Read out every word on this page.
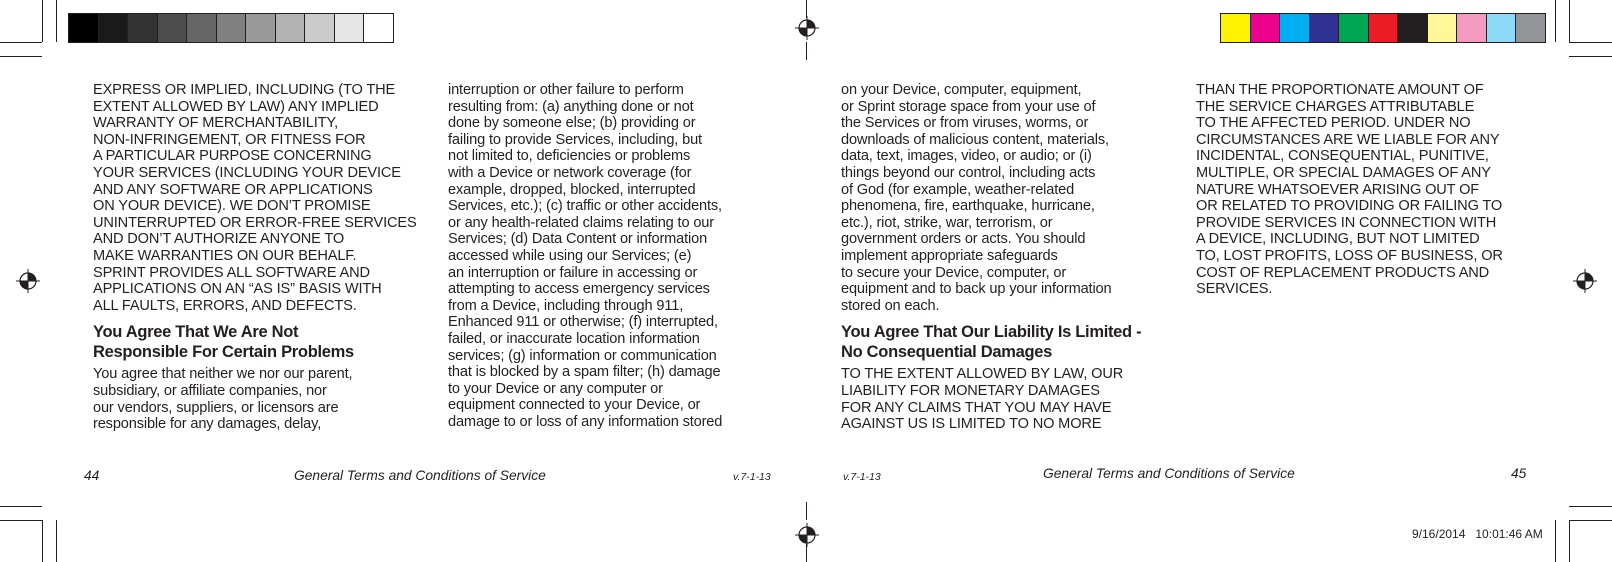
EXPRESS OR IMPLIED, INCLUDING (TO THE
EXTENT ALLOWED BY LAW) ANY IMPLIED
WARRANTY OF MERCHANTABILITY,
NON-INFRINGEMENT, OR FITNESS FOR
A PARTICULAR PURPOSE CONCERNING
YOUR SERVICES (INCLUDING YOUR DEVICE
AND ANY SOFTWARE OR APPLICATIONS
ON YOUR DEVICE). WE DON’T PROMISE
UNINTERRUPTED OR ERROR-FREE SERVICES
AND DON’T AUTHORIZE ANYONE TO
MAKE WARRANTIES ON OUR BEHALF.
SPRINT PROVIDES ALL SOFTWARE AND
APPLICATIONS ON AN “AS IS” BASIS WITH
ALL FAULTS, ERRORS, AND DEFECTS.

You Agree That We Are Not
Responsible For Certain Problems

You agree that neither we nor our parent,
subsidiary, or affiliate companies, nor
our vendors, suppliers, or licensors are
responsible for any damages, delay,

interruption or other failure to perform
resulting from: (a) anything done or not
done by someone else; (b) providing or
failing to provide Services, including, but
not limited to, deficiencies or problems
with a Device or network coverage (for
example, dropped, blocked, interrupted
Services, etc.); (c) traffic or other accidents,
or any health-related claims relating to our
Services; (d) Data Content or information
accessed while using our Services; (e)
an interruption or failure in accessing or
attempting to access emergency services
from a Device, including through 911,
Enhanced 911 or otherwise; (f) interrupted,
failed, or inaccurate location information
services; (g) information or communication
that is blocked by a spam filter; (h) damage
to your Device or any computer or
equipment connected to your Device, or
damage to or loss of any information stored

44	General Terms and Conditions of Service	v.7-1-13

on your Device, computer, equipment,
or Sprint storage space from your use of
the Services or from viruses, worms, or
downloads of malicious content, materials,
data, text, images, video, or audio; or (i)
things beyond our control, including acts
of God (for example, weather-related
phenomena, fire, earthquake, hurricane,
etc.), riot, strike, war, terrorism, or
government orders or acts. You should
implement appropriate safeguards
to secure your Device, computer, or
equipment and to back up your information
stored on each.

You Agree That Our Liability Is Limited -
No Consequential Damages

TO THE EXTENT ALLOWED BY LAW, OUR
LIABILITY FOR MONETARY DAMAGES
FOR ANY CLAIMS THAT YOU MAY HAVE
AGAINST US IS LIMITED TO NO MORE

THAN THE PROPORTIONATE AMOUNT OF
THE SERVICE CHARGES ATTRIBUTABLE
TO THE AFFECTED PERIOD. UNDER NO
CIRCUMSTANCES ARE WE LIABLE FOR ANY
INCIDENTAL, CONSEQUENTIAL, PUNITIVE,
MULTIPLE, OR SPECIAL DAMAGES OF ANY
NATURE WHATSOEVER ARISING OUT OF
OR RELATED TO PROVIDING OR FAILING TO
PROVIDE SERVICES IN CONNECTION WITH
A DEVICE, INCLUDING, BUT NOT LIMITED
TO, LOST PROFITS, LOSS OF BUSINESS, OR
COST OF REPLACEMENT PRODUCTS AND
SERVICES.

v.7-1-13	General Terms and Conditions of Service	45
9/16/2014   10:01:46 AM
